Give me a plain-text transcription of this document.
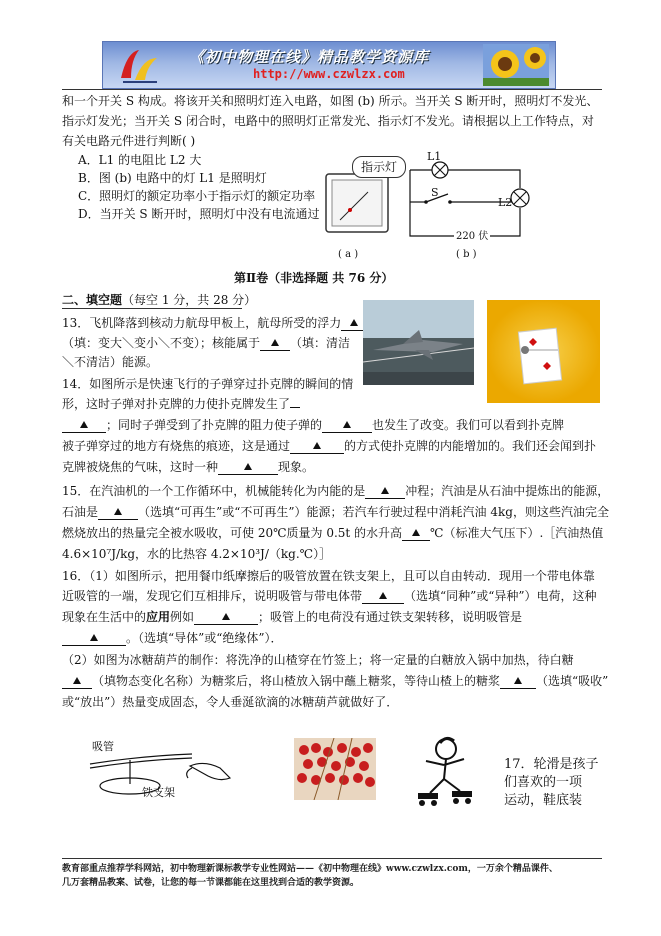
《初中物理在线》精品教学资源库
http://www.czwlzx.com
和一个开关 S 构成。将该开关和照明灯连入电路，如图 (b) 所示。当开关 S 断开时，照明灯不发光、
指示灯发光；当开关 S 闭合时，电路中的照明灯正常发光、指示灯不发光。请根据以上工作特点，对
有关电路元件进行判断( )
A．L1 的电阻比 L2 大
B．图 (b) 电路中的灯 L1 是照明灯
C．照明灯的额定功率小于指示灯的额定功率
D．当开关 S 断开时，照明灯中没有电流通过
指示灯
( a )
L1
L2
S
220 伏
( b )
第Ⅱ卷（非选择题 共 76 分）
二、填空题（每空 1 分，共 28 分）
13．飞机降落到核动力航母甲板上，航母所受的浮力
（填：变大＼变小＼不变）；核能属于	（填：清洁
＼不清洁）能源。
14．如图所示是快速飞行的子弹穿过扑克牌的瞬间的情
形，这时子弹对扑克牌的力使扑克牌发生了
；同时子弹受到了扑克牌的阻力使子弹的	也发生了改变。我们可以看到扑克牌
被子弹穿过的地方有烧焦的痕迹，这是通过	的方式使扑克牌的内能增加的。我们还会闻到扑
克牌被烧焦的气味，这时一种	现象。
15．在汽油机的一个工作循环中，机械能转化为内能的是	冲程；汽油是从石油中提炼出的能源，
石油是	（选填“可再生”或“不可再生”）能源；若汽车行驶过程中消耗汽油 4kg，则这些汽油完全
燃烧放出的热量完全被水吸收，可使 20℃质量为 0.5t 的水升高 ℃（标准大气压下）.［汽油热值
4.6×10⁷J/kg，水的比热容 4.2×10³J/（kg.℃）］
16．（1）如图所示，把用餐巾纸摩擦后的吸管放置在铁支架上，且可以自由转动．现用一个带电体靠
近吸管的一端，发现它们互相排斥，说明吸管与带电体带	（选填“同种”或“异种”）电荷，这种
现象在生活中的应用例如	；吸管上的电荷没有通过铁支架转移，说明吸管是
。（选填“导体”或“绝缘体”）．
（2）如图为冰糖葫芦的制作：将洗净的山楂穿在竹签上；将一定量的白糖放入锅中加热，待白糖
（填物态变化名称）为糖浆后，将山楂放入锅中蘸上糖浆，等待山楂上的糖浆	（选填“吸收”
或“放出”）热量变成固态，令人垂涎欲滴的冰糖葫芦就做好了．
吸管
铁支架
17．轮滑是孩子
们喜欢的一项
运动，鞋底装
教育部重点推荐学科网站，初中物理新课标教学专业性网站——《初中物理在线》www.czwlzx.com，一万余个精品课件、
几万套精品教案、试卷，让您的每一节课都能在这里找到合适的教学资源。
